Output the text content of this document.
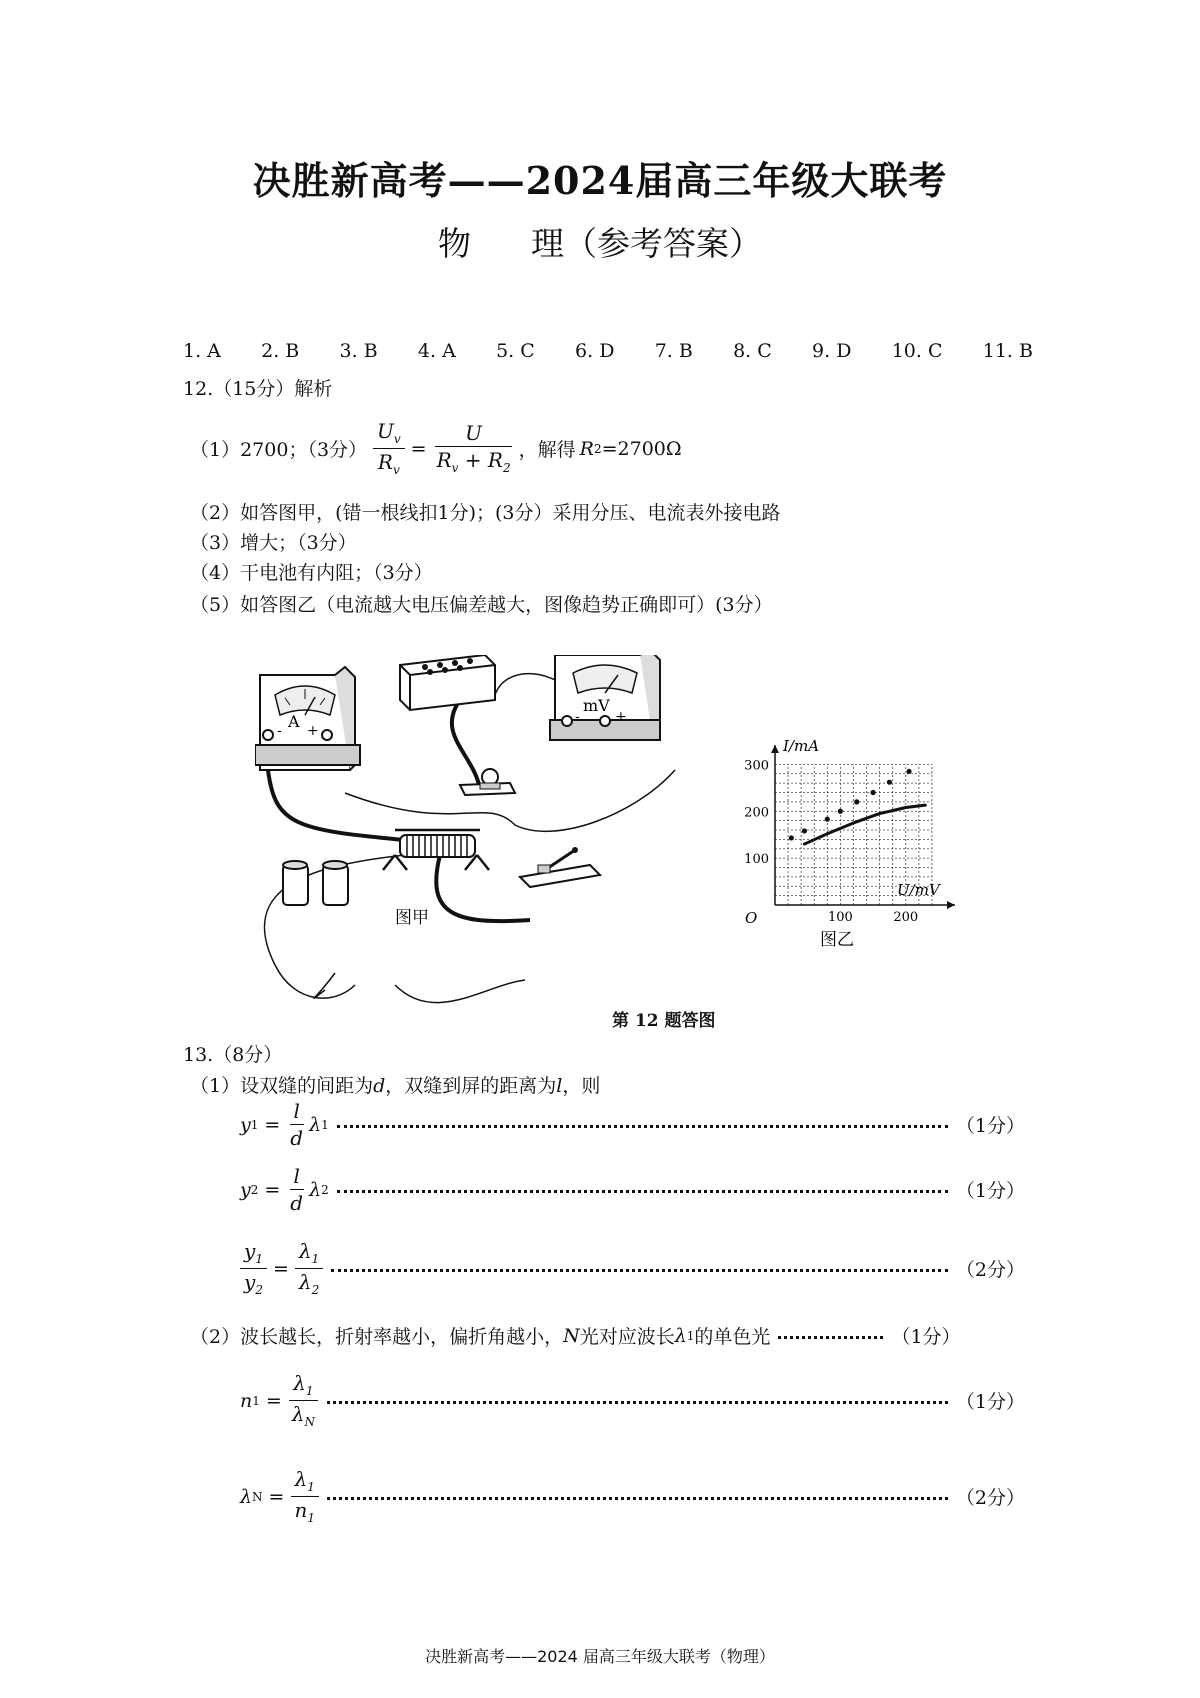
决胜新高考——2024届高三年级大联考
物 理（参考答案）
1. A 2. B 3. B 4. A 5. C 6. D 7. B 8. C 9. D 10. C 11. B
12.（15分）解析
（1）2700；（3分） $\frac{U_v}{R_v} = \frac{U}{R_v + R_2}$ ，解得 R 2 =2700Ω
（2）如答图甲，(错一根线扣1分)；(3分）采用分压、电流表外接电路
（3）增大；（3分）
（4）干电池有内阻；（3分）
（5）如答图乙（电流越大电压偏差越大，图像趋势正确即可）(3分）
A
- +
mV
-	+
图甲	100	200
100
200
300
I/mA
U/mV
O
图乙
第 12 题答图
13.（8分）
（1）设双缝的间距为d，双缝到屏的距离为l，则
y $1 = \frac{l}{d}$ λ 1	（1分）
y $2 = \frac{l}{d}$ λ 2	（1分）
$\frac{y_1}{y_2} = \frac{\lambda_1}{\lambda_2}$	（2分）
（2）波长越长，折射率越小，偏折角越小， N 光对应波长 λ 1 的单色光	（1分）
n $1 = \frac{\lambda_1}{\lambda_N}$	（1分）
λ $N = \frac{\lambda_1}{n_1}$	（2分）
决胜新高考——2024 届高三年级大联考（物理）
